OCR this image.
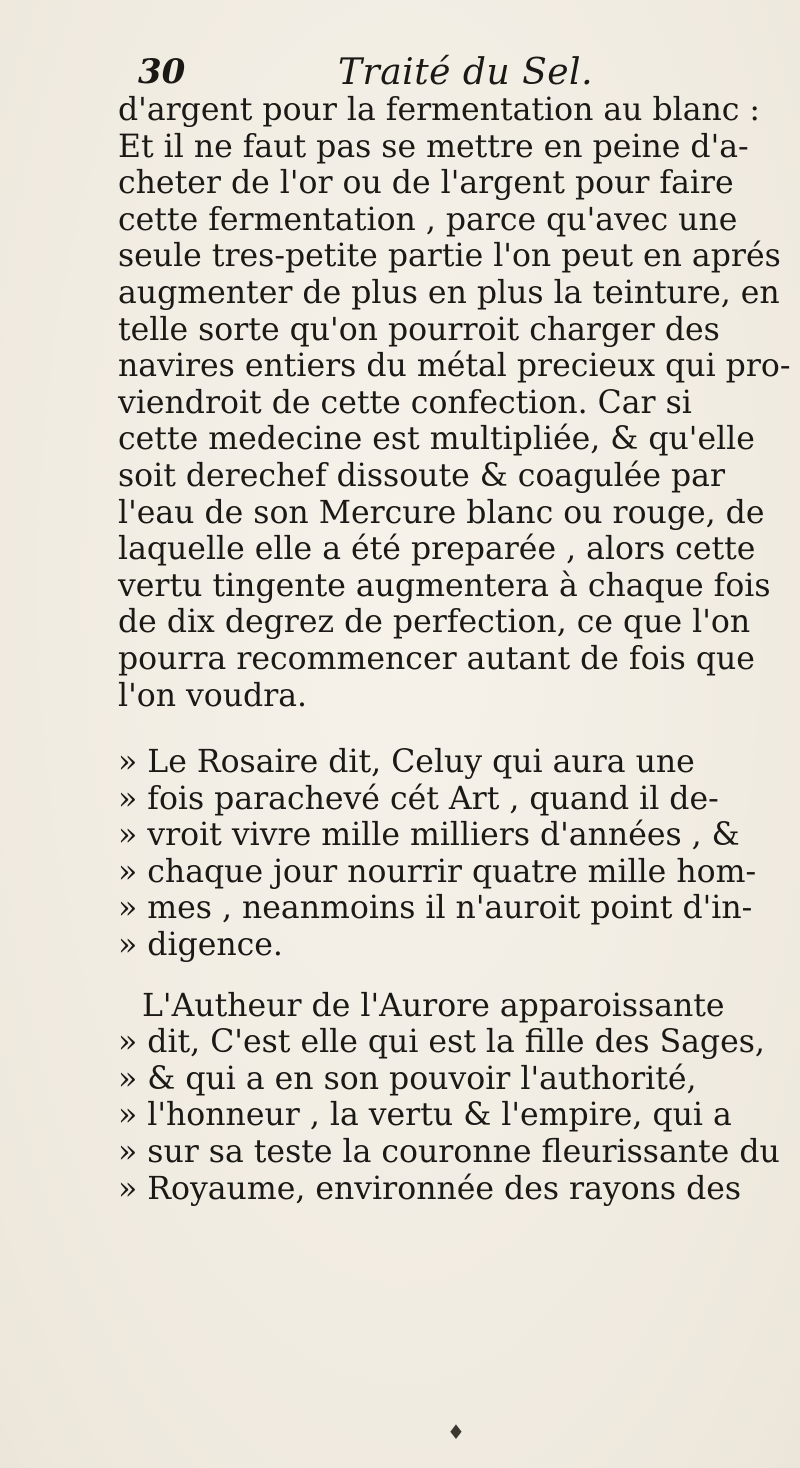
30	Traité du Sel.
d'argent pour la fermentation au blanc :
Et il ne faut pas se mettre en peine d'a-
cheter de l'or ou de l'argent pour faire
cette fermentation , parce qu'avec une
seule tres-petite partie l'on peut en aprés
augmenter de plus en plus la teinture, en
telle sorte qu'on pourroit charger des
navires entiers du métal precieux qui pro-
viendroit de cette confection. Car si
cette medecine est multipliée, & qu'elle
soit derechef dissoute & coagulée par
l'eau de son Mercure blanc ou rouge, de
laquelle elle a été preparée , alors cette
vertu tingente augmentera à chaque fois
de dix degrez de perfection, ce que l'on
pourra recommencer autant de fois que
l'on voudra.
» Le Rosaire dit, Celuy qui aura une
» fois parachevé cét Art , quand il de-
» vroit vivre mille milliers d'années , &
» chaque jour nourrir quatre mille hom-
» mes , neanmoins il n'auroit point d'in-
» digence.
L'Autheur de l'Aurore apparoissante
» dit, C'est elle qui est la fille des Sages,
» & qui a en son pouvoir l'authorité,
» l'honneur , la vertu & l'empire, qui a
» sur sa teste la couronne fleurissante du
» Royaume, environnée des rayons des
♦
